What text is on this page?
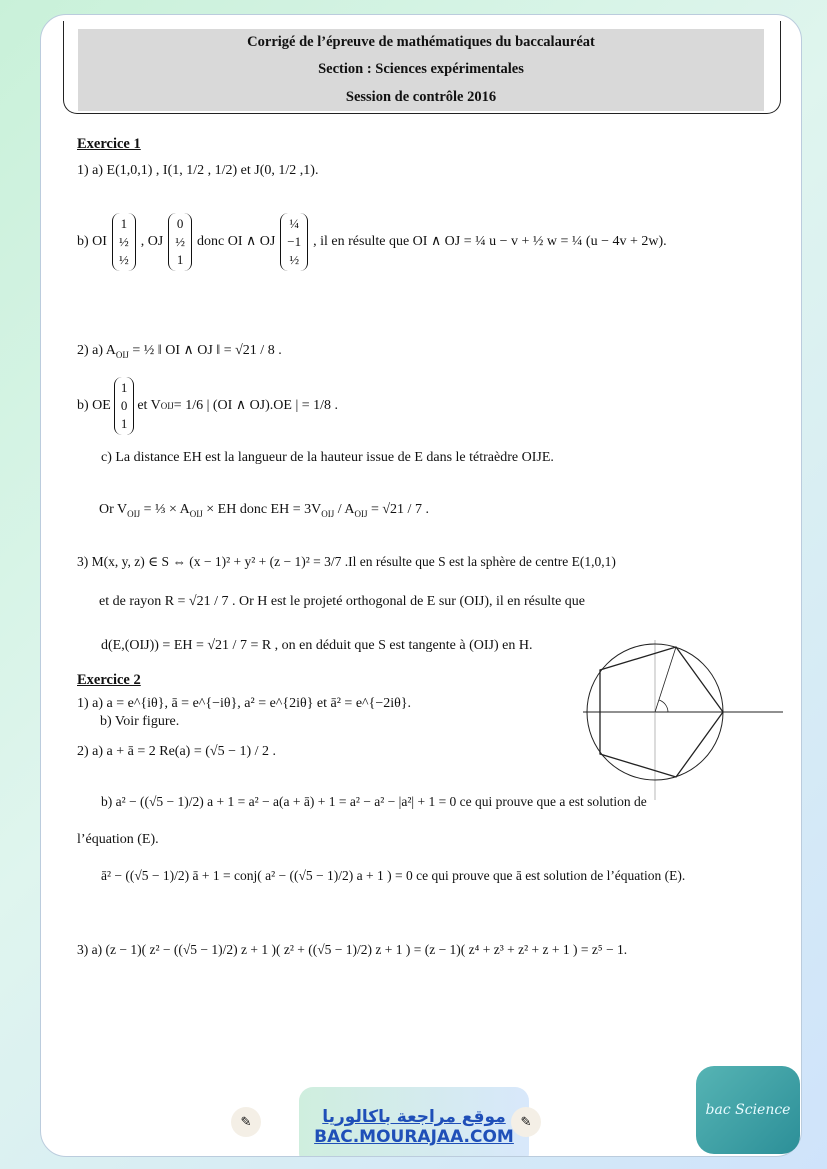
Corrigé de l’épreuve de mathématiques du baccalauréat
Section : Sciences expérimentales
Session de contrôle 2016
Exercice 1
1) a) E(1,0,1) , I(1, 1/2 , 1/2) et J(0, 1/2 ,1).
b) OI
1
½
½
, OJ
0
½
1
donc OI ∧ OJ
¼
−1
½
, il en résulte que OI ∧ OJ = ¼ u − v + ½ w = ¼ (u − 4v + 2w).
2) a) $A_{OIJ}$ = ½ ‖ OI ∧ OJ ‖ = √21 / 8 .
b) OE
1
0
1
et V OIJ = 1/6 | (OI ∧ OJ).OE | = 1/8 .
c) La distance EH est la langueur de la hauteur issue de E dans le tétraèdre OIJE.
Or $V_{OIJ}$ = ⅓ × $A_{OIJ}$ × EH donc EH = $3V_{OIJ} / A_{OIJ} = √21 / 7$ .
3) M(x, y, z) ∈ S ⇔ (x − 1)² + y² + (z − 1)² = 3/7 .Il en résulte que S est la sphère de centre E(1,0,1)
et de rayon R = √21 / 7 . Or H est le projeté orthogonal de E sur (OIJ), il en résulte que
d(E,(OIJ)) = EH = √21 / 7 = R , on en déduit que S est tangente à (OIJ) en H.
Exercice 2
1) a) a = e^{iθ}, ā = e^{−iθ}, a² = e^{2iθ} et ā² = e^{−2iθ}.
b) Voir figure.
2) a) a + ā = 2 Re(a) = (√5 − 1) / 2 .
b) a² − ((√5 − 1)/2) a + 1 = a² − a(a + ā) + 1 = a² − a² − |a²| + 1 = 0 ce qui prouve que a est solution de
l’équation (E).
ā² − ((√5 − 1)/2) ā + 1 = conj( a² − ((√5 − 1)/2) a + 1 ) = 0 ce qui prouve que ā est solution de l’équation (E).
3) a) (z − 1)( z² − ((√5 − 1)/2) z + 1 )( z² + ((√5 − 1)/2) z + 1 ) = (z − 1)( z⁴ + z³ + z² + z + 1 ) = z⁵ − 1.
✎	موقع مراجعة باكالوريا
BAC.MOURAJAA.COM
✎
bac Science
